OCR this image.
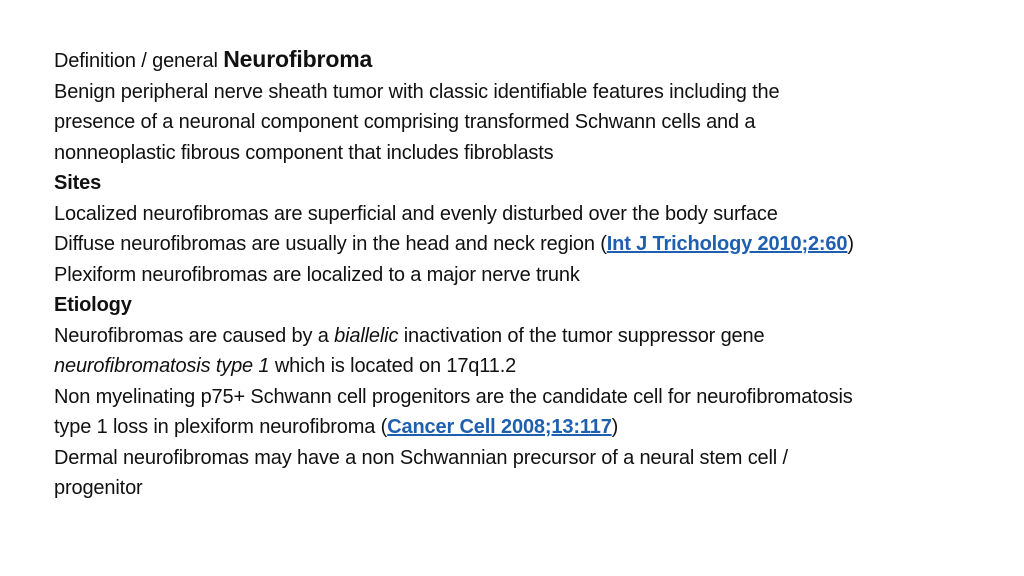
Definition / general Neurofibroma
Benign peripheral nerve sheath tumor with classic identifiable features including the
presence of a neuronal component comprising transformed Schwann cells and a
nonneoplastic fibrous component that includes fibroblasts
Sites
Localized neurofibromas are superficial and evenly disturbed over the body surface
Diffuse neurofibromas are usually in the head and neck region (Int J Trichology 2010;2:60)
Plexiform neurofibromas are localized to a major nerve trunk
Etiology
Neurofibromas are caused by a biallelic inactivation of the tumor suppressor gene
neurofibromatosis type 1 which is located on 17q11.2
Non myelinating p75+ Schwann cell progenitors are the candidate cell for neurofibromatosis
type 1 loss in plexiform neurofibroma (Cancer Cell 2008;13:117)
Dermal neurofibromas may have a non Schwannian precursor of a neural stem cell /
progenitor
